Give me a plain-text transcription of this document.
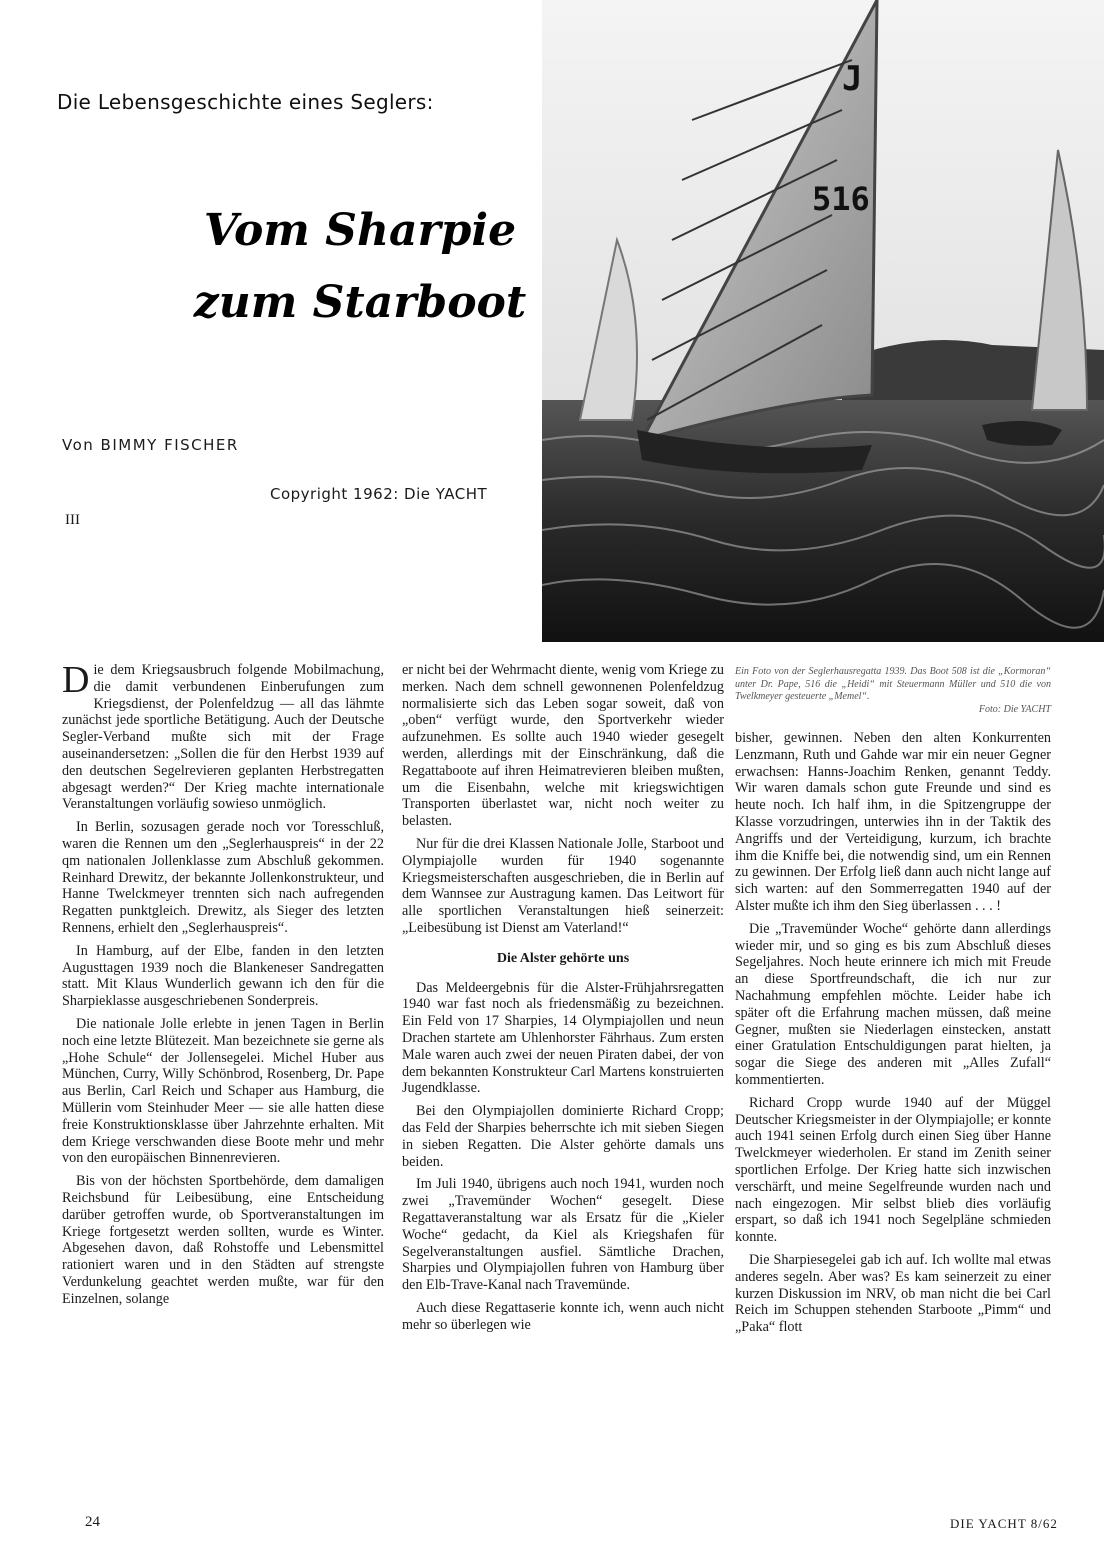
Die Lebensgeschichte eines Seglers:
Vom Sharpie
zum Starboot
Von BIMMY FISCHER
Copyright 1962: Die YACHT
III
J
516

Die dem Kriegsausbruch folgende Mobilmachung, die damit verbundenen Einberufungen zum Kriegsdienst, der Polenfeldzug — all das lähmte zunächst jede sportliche Betätigung. Auch der Deutsche Segler-Verband mußte sich mit der Frage auseinandersetzen: „Sollen die für den Herbst 1939 auf den deutschen Segelrevieren geplanten Herbstregatten abgesagt werden?“ Der Krieg machte internationale Veranstaltungen vorläufig sowieso unmöglich.

In Berlin, sozusagen gerade noch vor Toresschluß, waren die Rennen um den „Seglerhauspreis“ in der 22 qm nationalen Jollenklasse zum Abschluß gekommen. Reinhard Drewitz, der bekannte Jollenkonstrukteur, und Hanne Twelckmeyer trennten sich nach aufregenden Regatten punktgleich. Drewitz, als Sieger des letzten Rennens, erhielt den „Seglerhauspreis“.

In Hamburg, auf der Elbe, fanden in den letzten Augusttagen 1939 noch die Blankeneser Sandregatten statt. Mit Klaus Wunderlich gewann ich den für die Sharpieklasse ausgeschriebenen Sonderpreis.

Die nationale Jolle erlebte in jenen Tagen in Berlin noch eine letzte Blütezeit. Man bezeichnete sie gerne als „Hohe Schule“ der Jollensegelei. Michel Huber aus München, Curry, Willy Schönbrod, Rosenberg, Dr. Pape aus Berlin, Carl Reich und Schaper aus Hamburg, die Müllerin vom Steinhuder Meer — sie alle hatten diese freie Konstruktionsklasse über Jahrzehnte erhalten. Mit dem Kriege verschwanden diese Boote mehr und mehr von den europäischen Binnenrevieren.

Bis von der höchsten Sportbehörde, dem damaligen Reichsbund für Leibesübung, eine Entscheidung darüber getroffen wurde, ob Sportveranstaltungen im Kriege fortgesetzt werden sollten, wurde es Winter. Abgesehen davon, daß Rohstoffe und Lebensmittel rationiert waren und in den Städten auf strengste Verdunkelung geachtet werden mußte, war für den Einzelnen, solange

er nicht bei der Wehrmacht diente, wenig vom Kriege zu merken. Nach dem schnell gewonnenen Polenfeldzug normalisierte sich das Leben sogar soweit, daß von „oben“ verfügt wurde, den Sportverkehr wieder aufzunehmen. Es sollte auch 1940 wieder gesegelt werden, allerdings mit der Einschränkung, daß die Regattaboote auf ihren Heimatrevieren bleiben mußten, um die Eisenbahn, welche mit kriegswichtigen Transporten überlastet war, nicht noch weiter zu belasten.

Nur für die drei Klassen Nationale Jolle, Starboot und Olympiajolle wurden für 1940 sogenannte Kriegsmeisterschaften ausgeschrieben, die in Berlin auf dem Wannsee zur Austragung kamen. Das Leitwort für alle sportlichen Veranstaltungen hieß seinerzeit: „Leibesübung ist Dienst am Vaterland!“

Die Alster gehörte uns

Das Meldeergebnis für die Alster-Frühjahrsregatten 1940 war fast noch als friedensmäßig zu bezeichnen. Ein Feld von 17 Sharpies, 14 Olympiajollen und neun Drachen startete am Uhlenhorster Fährhaus. Zum ersten Male waren auch zwei der neuen Piraten dabei, der von dem bekannten Konstrukteur Carl Martens konstruierten Jugendklasse.

Bei den Olympiajollen dominierte Richard Cropp; das Feld der Sharpies beherrschte ich mit sieben Siegen in sieben Regatten. Die Alster gehörte damals uns beiden.

Im Juli 1940, übrigens auch noch 1941, wurden noch zwei „Travemünder Wochen“ gesegelt. Diese Regattaveranstaltung war als Ersatz für die „Kieler Woche“ gedacht, da Kiel als Kriegshafen für Segelveranstaltungen ausfiel. Sämtliche Drachen, Sharpies und Olympiajollen fuhren von Hamburg über den Elb-Trave-Kanal nach Travemünde.

Auch diese Regattaserie konnte ich, wenn auch nicht mehr so überlegen wie

Ein Foto von der Seglerhausregatta 1939. Das Boot 508 ist die „Kormoran“ unter Dr. Pape, 516 die „Heidi“ mit Steuermann Müller und 510 die von Twelkmeyer gesteuerte „Memel“.
Foto: Die YACHT

bisher, gewinnen. Neben den alten Konkurrenten Lenzmann, Ruth und Gahde war mir ein neuer Gegner erwachsen: Hanns-Joachim Renken, genannt Teddy. Wir waren damals schon gute Freunde und sind es heute noch. Ich half ihm, in die Spitzengruppe der Klasse vorzudringen, unterwies ihn in der Taktik des Angriffs und der Verteidigung, kurzum, ich brachte ihm die Kniffe bei, die notwendig sind, um ein Rennen zu gewinnen. Der Erfolg ließ dann auch nicht lange auf sich warten: auf den Sommerregatten 1940 auf der Alster mußte ich ihm den Sieg überlassen . . . !

Die „Travemünder Woche“ gehörte dann allerdings wieder mir, und so ging es bis zum Abschluß dieses Segeljahres. Noch heute erinnere ich mich mit Freude an diese Sportfreundschaft, die ich nur zur Nachahmung empfehlen möchte. Leider habe ich später oft die Erfahrung machen müssen, daß meine Gegner, mußten sie Niederlagen einstecken, anstatt einer Gratulation Entschuldigungen parat hielten, ja sogar die Siege des anderen mit „Alles Zufall“ kommentierten.

Richard Cropp wurde 1940 auf der Müggel Deutscher Kriegsmeister in der Olympiajolle; er konnte auch 1941 seinen Erfolg durch einen Sieg über Hanne Twelckmeyer wiederholen. Er stand im Zenith seiner sportlichen Erfolge. Der Krieg hatte sich inzwischen verschärft, und meine Segelfreunde wurden nach und nach eingezogen. Mir selbst blieb dies vorläufig erspart, so daß ich 1941 noch Segelpläne schmieden konnte.

Die Sharpiesegelei gab ich auf. Ich wollte mal etwas anderes segeln. Aber was? Es kam seinerzeit zu einer kurzen Diskussion im NRV, ob man nicht die bei Carl Reich im Schuppen stehenden Starboote „Pimm“ und „Paka“ flott

24	DIE YACHT 8/62
